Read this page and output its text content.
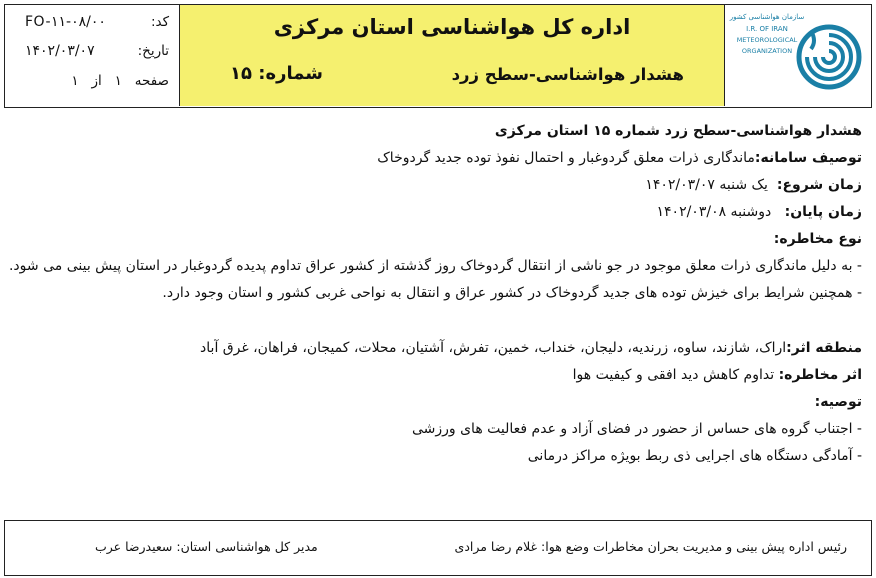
کد:
FO-۱۱-۰۸/۰۰
تاریخ:
۱۴۰۲/۰۳/۰۷
صفحه   ۱   از   ۱
اداره کل هواشناسی استان مرکزی
هشدار هواشناسی-سطح زرد
شماره: ۱۵
سازمان هواشناسی کشور
I.R. OF IRAN
METEOROLOGICAL
ORGANIZATION
هشدار هواشناسی-سطح زرد شماره ۱۵ استان مرکزی
توصیف سامانه:ماندگاری ذرات معلق گردوغبار و احتمال نفوذ توده جدید گردوخاک
زمان شروع:  یک شنبه ۱۴۰۲/۰۳/۰۷
زمان پایان:   دوشنبه ۱۴۰۲/۰۳/۰۸
نوع مخاطره:
- به دلیل ماندگاری ذرات معلق موجود در جو ناشی از انتقال گردوخاک روز گذشته از کشور عراق تداوم پدیده گردوغبار در استان پیش بینی می شود.
- همچنین شرایط برای خیزش توده های جدید گردوخاک در کشور عراق و انتقال به نواحی غربی کشور و استان وجود دارد.
منطقه اثر:اراک، شازند، ساوه، زرندیه، دلیجان، خنداب، خمین، تفرش، آشتیان، محلات، کمیجان، فراهان، غرق آباد
اثر مخاطره: تداوم کاهش دید افقی و کیفیت هوا
توصیه:
- اجتناب گروه های حساس از حضور در فضای آزاد و عدم فعالیت های ورزشی
- آمادگی دستگاه های اجرایی ذی ربط بویژه مراکز درمانی
رئیس اداره پیش بینی و مدیریت بحران مخاطرات وضع هوا: غلام رضا مرادی
مدیر کل هواشناسی استان: سعیدرضا عرب
